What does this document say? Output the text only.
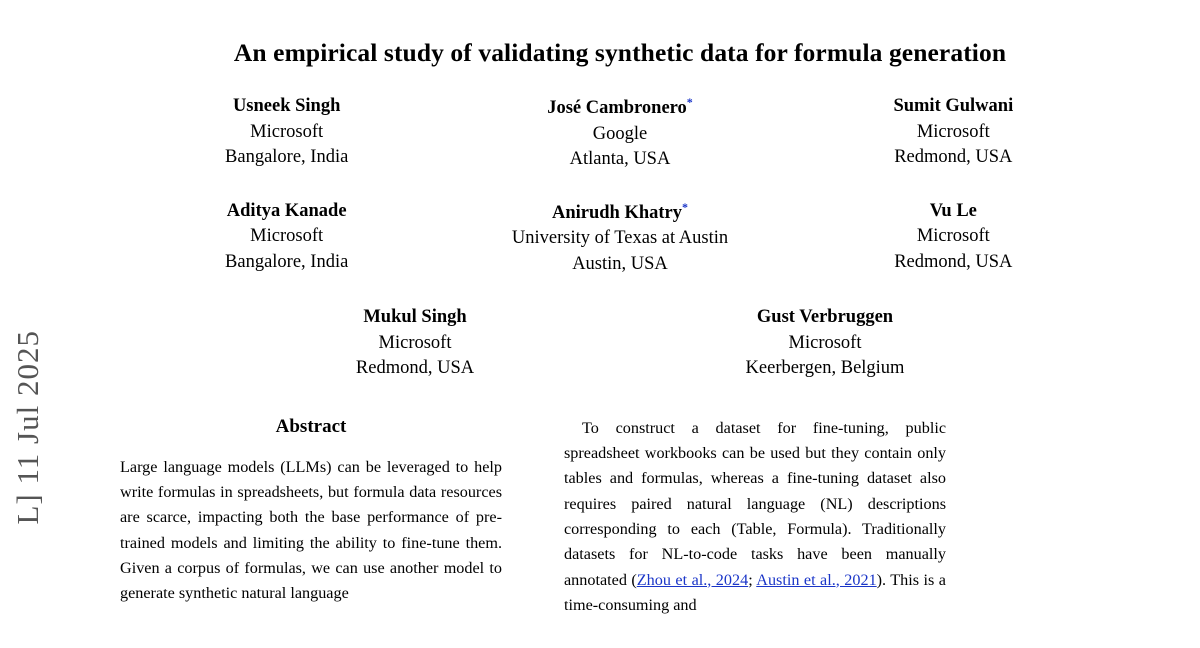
L] 11 Jul 2025
An empirical study of validating synthetic data for formula generation
Usneek Singh
Microsoft
Bangalore, India
José Cambronero*
Google
Atlanta, USA
Sumit Gulwani
Microsoft
Redmond, USA
Aditya Kanade
Microsoft
Bangalore, India
Anirudh Khatry*
University of Texas at Austin
Austin, USA
Vu Le
Microsoft
Redmond, USA
Mukul Singh
Microsoft
Redmond, USA
Gust Verbruggen
Microsoft
Keerbergen, Belgium
Abstract

Large language models (LLMs) can be leveraged to help write formulas in spreadsheets, but formula data resources are scarce, impacting both the base performance of pre-trained models and limiting the ability to fine-tune them. Given a corpus of formulas, we can use another model to generate synthetic natural language

To construct a dataset for fine-tuning, public spreadsheet workbooks can be used but they contain only tables and formulas, whereas a fine-tuning dataset also requires paired natural language (NL) descriptions corresponding to each (Table, Formula). Traditionally datasets for NL-to-code tasks have been manually annotated (Zhou et al., 2024; Austin et al., 2021). This is a time-consuming and
